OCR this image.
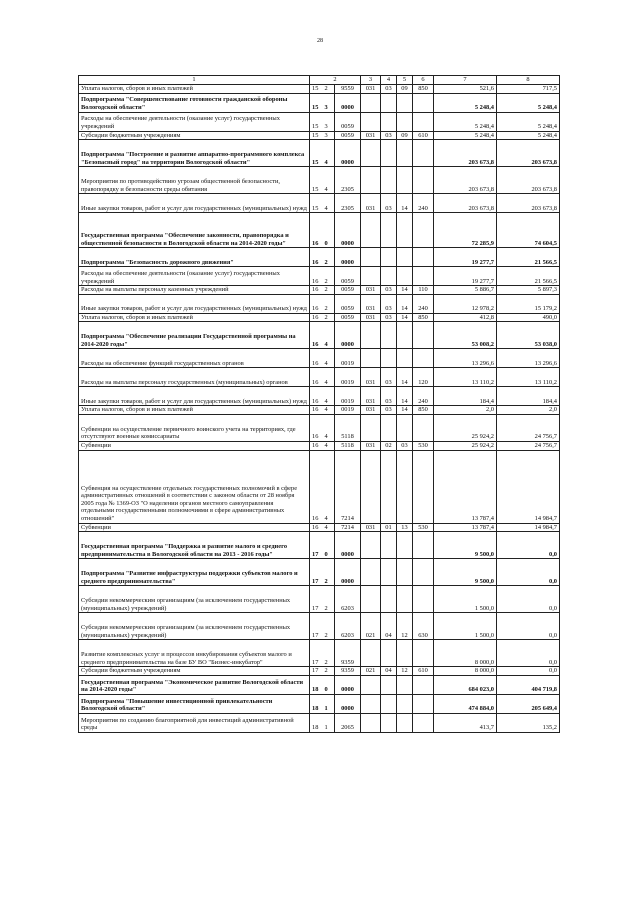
28
1	2			3	4	5	6	7	8
Уплата налогов, сборов и иных платежей	15	2	9559	031	03	09	850	521,6	717,5
Подпрограмма "Совершенствование готовности гражданской обороны Вологодской области"	15	3	0000					5 248,4	5 248,4
Расходы на обеспечение деятельности (оказание услуг) государственных учреждений	15	3	0059					5 248,4	5 248,4
Субсидии бюджетным учреждениям	15	3	0059	031	03	09	610	5 248,4	5 248,4
Подпрограмма "Построение и развитие аппаратно-программного комплекса "Безопасный город" на территории Вологодской области"	15	4	0000					203 673,8	203 673,8
Мероприятия по противодействию угрозам общественной безопасности, правопорядку и безопасности среды обитания	15	4	2305					203 673,8	203 673,8
Иные закупки товаров, работ и услуг для государственных (муниципальных) нужд	15	4	2305	031	03	14	240	203 673,8	203 673,8
Государственная программа "Обеспечение законности, правопорядка и общественной безопасности в Вологодской области на 2014-2020 годы"	16	0	0000					72 285,9	74 604,5
Подпрограмма "Безопасность дорожного движения"	16	2	0000					19 277,7	21 566,5
Расходы на обеспечение деятельности (оказание услуг) государственных учреждений	16	2	0059					19 277,7	21 566,5
Расходы на выплаты персоналу казенных учреждений	16	2	0059	031	03	14	110	5 886,7	5 897,3
Иные закупки товаров, работ и услуг для государственных (муниципальных) нужд	16	2	0059	031	03	14	240	12 978,2	15 179,2
Уплата налогов, сборов и иных платежей	16	2	0059	031	03	14	850	412,8	490,0
Подпрограмма "Обеспечение реализации Государственной программы на 2014-2020 годы"	16	4	0000					53 008,2	53 038,0
Расходы на обеспечение функций государственных органов	16	4	0019					13 296,6	13 296,6
Расходы на выплаты персоналу государственных (муниципальных) органов	16	4	0019	031	03	14	120	13 110,2	13 110,2
Иные закупки товаров, работ и услуг для государственных (муниципальных) нужд	16	4	0019	031	03	14	240	184,4	184,4
Уплата налогов, сборов и иных платежей	16	4	0019	031	03	14	850	2,0	2,0
Субвенции на осуществление первичного воинского учета на территориях, где отсутствуют военные комиссариаты	16	4	5118					25 924,2	24 756,7
Субвенции	16	4	5118	031	02	03	530	25 924,2	24 756,7
Субвенция на осуществление отдельных государственных полномочий в сфере административных отношений в соответствии с законом области от 28 ноября 2005 года № 1369-ОЗ "О наделении органов местного самоуправления отдельными государственными полномочиями в сфере административных отношений"	16	4	7214					13 787,4	14 984,7
Субвенции	16	4	7214	031	01	13	530	13 787,4	14 984,7
Государственная программа "Поддержка и развитие малого и среднего предпринимательства в Вологодской области на 2013 - 2016 годы"	17	0	0000					9 500,0	0,0
Подпрограмма "Развитие инфраструктуры поддержки субъектов малого и среднего предпринимательства"	17	2	0000					9 500,0	0,0
Субсидии некоммерческим организациям (за исключением государственных (муниципальных) учреждений)	17	2	6203					1 500,0	0,0
Субсидии некоммерческим организациям (за исключением государственных (муниципальных) учреждений)	17	2	6203	021	04	12	630	1 500,0	0,0
Развитие комплексных услуг и процессов инкубирования субъектов малого и среднего предпринимательства на базе БУ ВО "Бизнес-инкубатор"	17	2	9359					8 000,0	0,0
Субсидии бюджетным учреждениям	17	2	9359	021	04	12	610	8 000,0	0,0
Государственная программа "Экономическое развитие Вологодской области на 2014-2020 годы"	18	0	0000					684 023,0	404 719,8
Подпрограмма "Повышение инвестиционной привлекательности Вологодской области"	18	1	0000					474 884,0	205 649,4
Мероприятия по созданию благоприятной для инвестиций административной среды	18	1	2065					413,7	135,2
